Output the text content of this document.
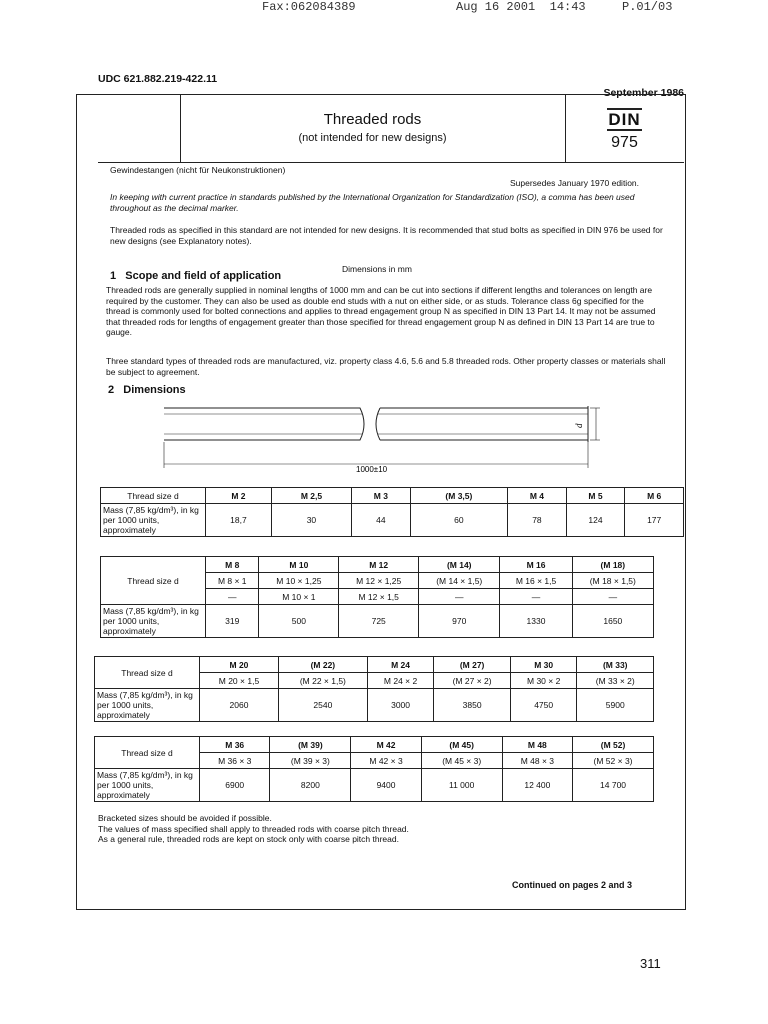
Fax:062084389	Aug 16 2001  14:43	P.01/03
UDC 621.882.219-422.11
September 1986
Threaded rods
(not intended for new designs)
DIN
975
Gewindestangen (nicht für Neukonstruktionen)
Supersedes January 1970 edition.
In keeping with current practice in standards published by the International Organization for Standardization (ISO), a comma has been used throughout as the decimal marker.
Threaded rods as specified in this standard are not intended for new designs. It is recommended that stud bolts as specified in DIN 976 be used for new designs (see Explanatory notes).
Dimensions in mm
1   Scope and field of application
Threaded rods are generally supplied in nominal lengths of 1000 mm and can be cut into sections if different lengths and tolerances on length are required by the customer. They can also be used as double end studs with a nut on either side, or as studs. Tolerance class 6g specified for the thread is commonly used for bolted connections and applies to thread engagement group N as specified in DIN 13 Part 14. It may not be assumed that threaded rods for lengths of engagement greater than those specified for thread engagement group N as defined in DIN 13 Part 14 are true to gauge.
Three standard types of threaded rods are manufactured, viz. property class 4.6, 5.6 and 5.8 threaded rods. Other property classes or materials shall be subject to agreement.
2   Dimensions
d
1000±10
Thread size d	M 2	M 2,5	M 3	(M 3,5)	M 4	M 5	M 6
Mass (7,85 kg/dm³), in kg per 1000 units, approximately	18,7	30	44	60	78	124	177
Thread size d	M 8	M 10	M 12	(M 14)	M 16	(M 18)
	M 8 × 1	M 10 × 1,25	M 12 × 1,25	(M 14 × 1,5)	M 16 × 1,5	(M 18 × 1,5)
	—	M 10 × 1	M 12 × 1,5	—	—	—
Mass (7,85 kg/dm³), in kg per 1000 units, approximately	319	500	725	970	1330	1650
Thread size d	M 20	(M 22)	M 24	(M 27)	M 30	(M 33)
	M 20 × 1,5	(M 22 × 1,5)	M 24 × 2	(M 27 × 2)	M 30 × 2	(M 33 × 2)
Mass (7,85 kg/dm³), in kg per 1000 units, approximately	2060	2540	3000	3850	4750	5900
Thread size d	M 36	(M 39)	M 42	(M 45)	M 48	(M 52)
	M 36 × 3	(M 39 × 3)	M 42 × 3	(M 45 × 3)	M 48 × 3	(M 52 × 3)
Mass (7,85 kg/dm³), in kg per 1000 units, approximately	6900	8200	9400	11 000	12 400	14 700
Bracketed sizes should be avoided if possible.
The values of mass specified shall apply to threaded rods with coarse pitch thread.
As a general rule, threaded rods are kept on stock only with coarse pitch thread.
Continued on pages 2 and 3
311
